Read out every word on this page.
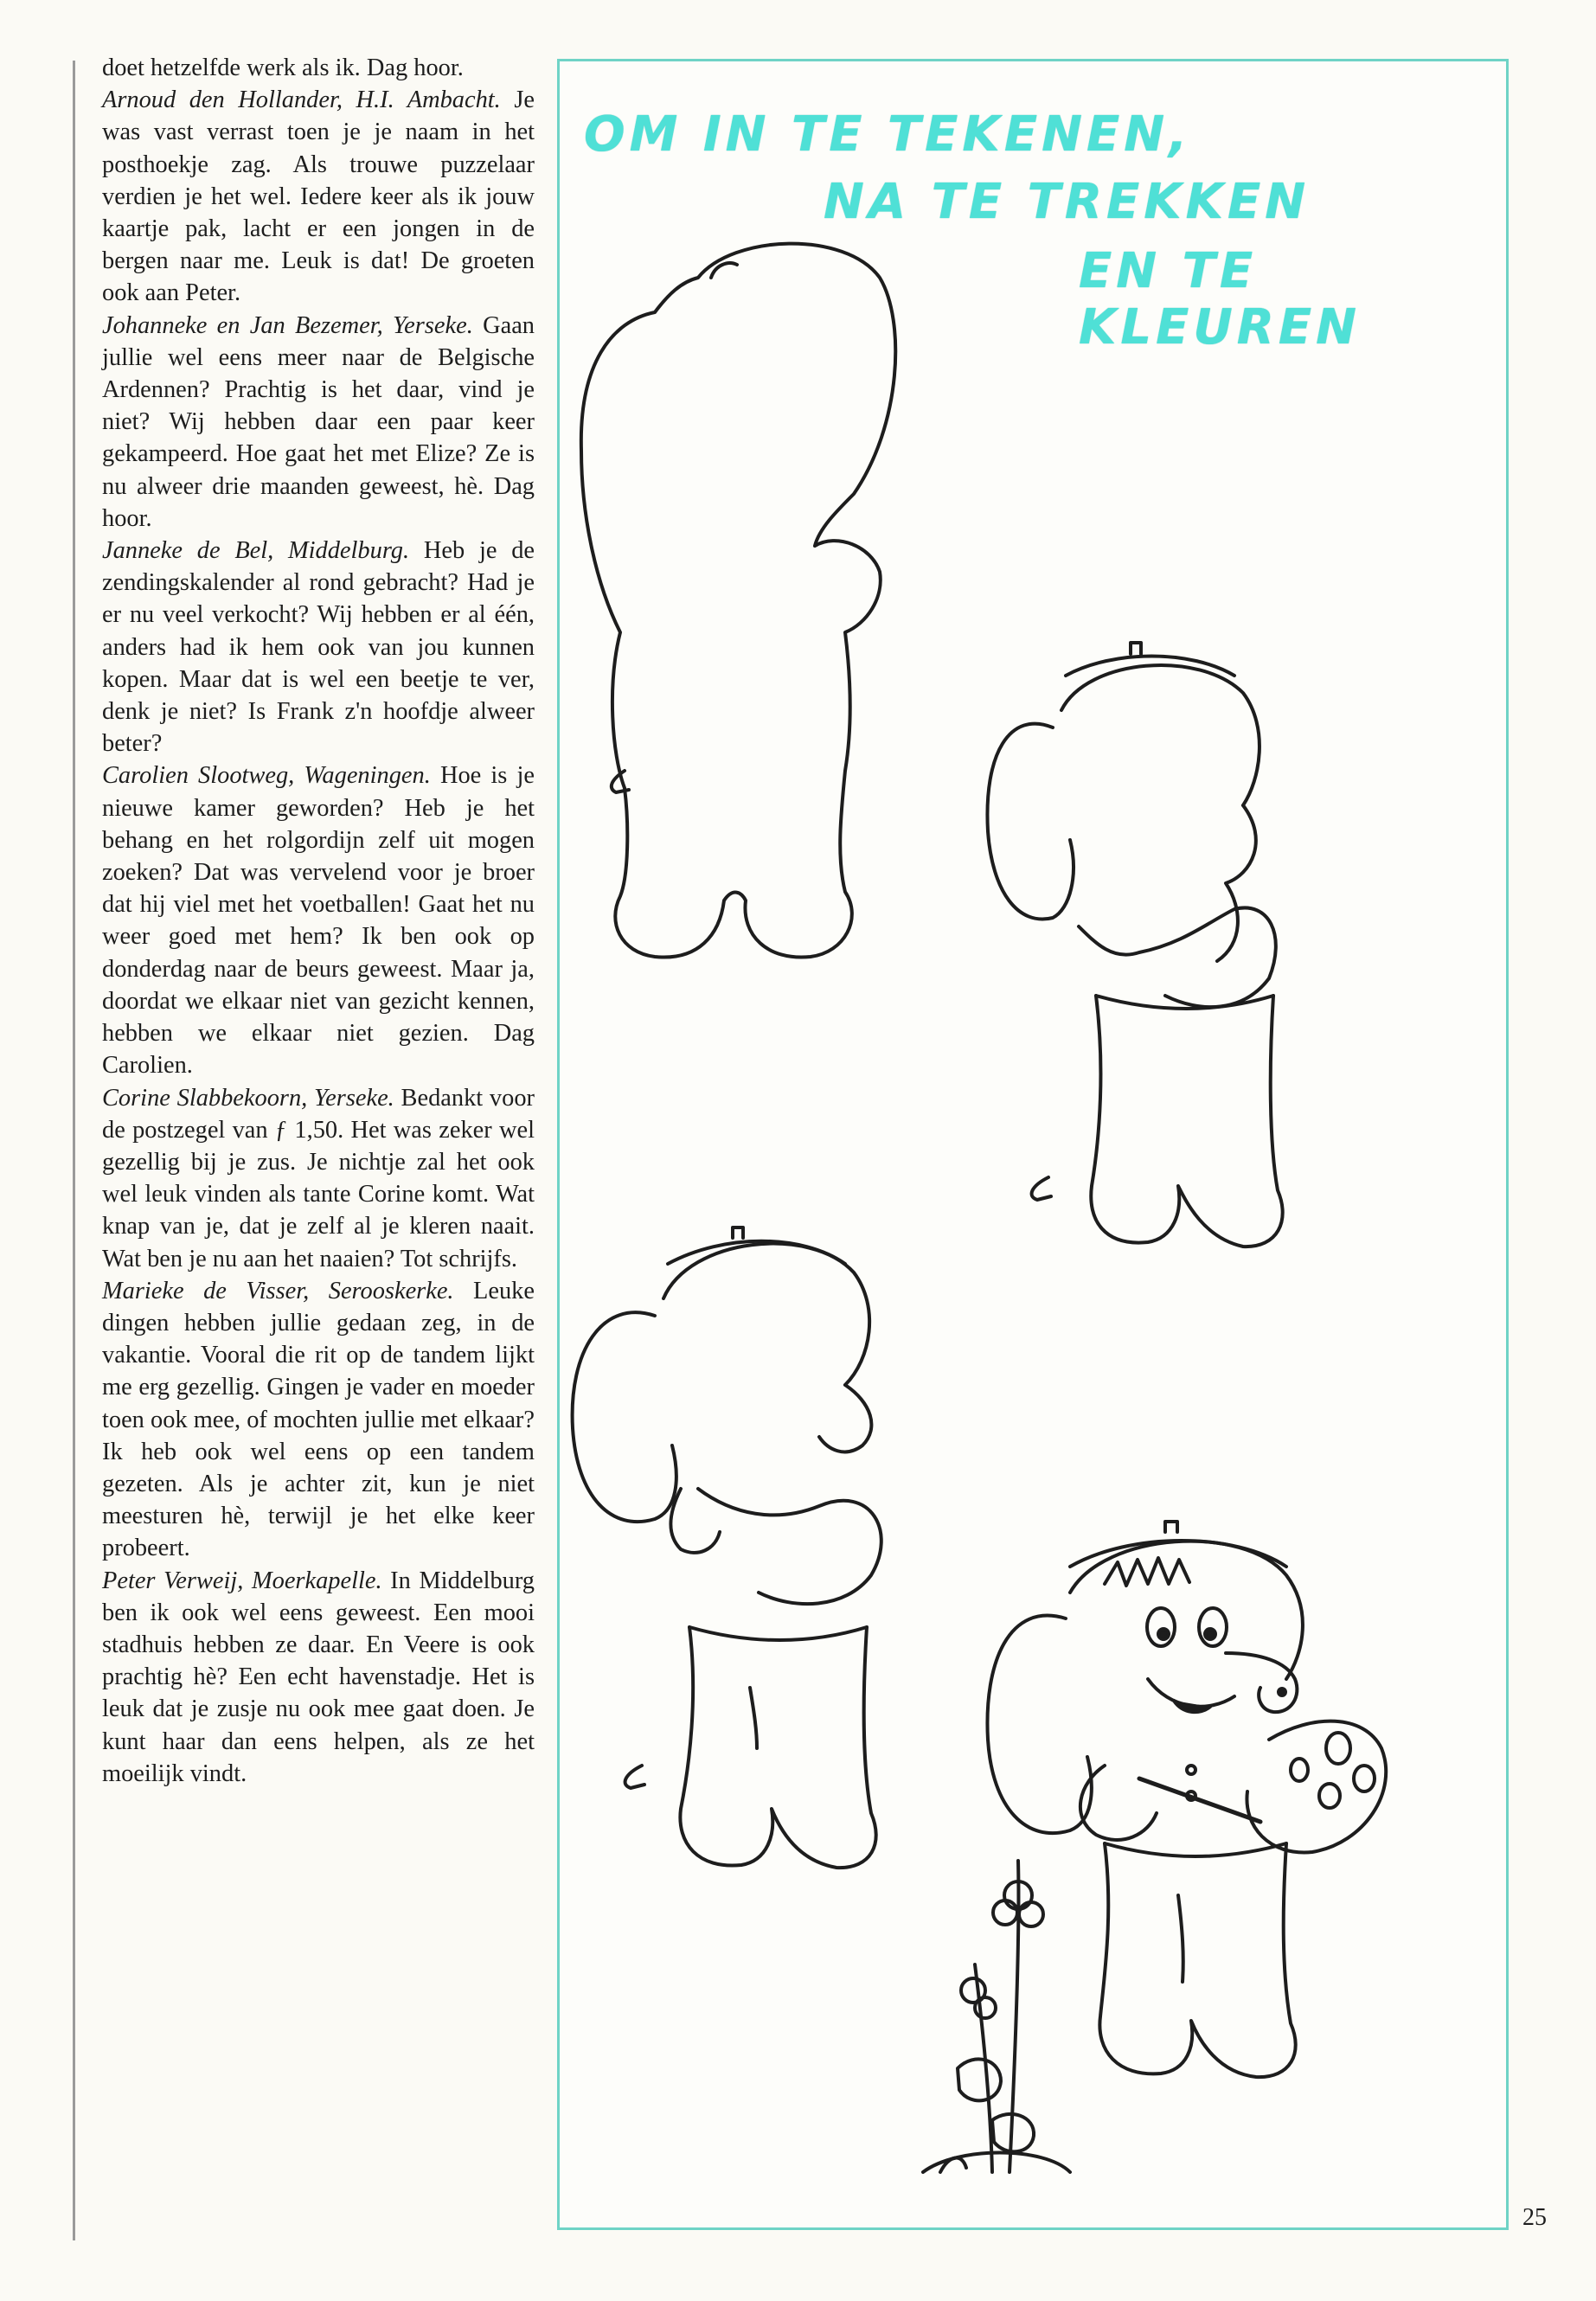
doet hetzelfde werk als ik. Dag hoor.

Arnoud den Hollander, H.I. Ambacht. Je was vast verrast toen je je naam in het posthoekje zag. Als trouwe puzzelaar verdien je het wel. Iedere keer als ik jouw kaartje pak, lacht er een jongen in de bergen naar me. Leuk is dat! De groeten ook aan Peter.

Johanneke en Jan Bezemer, Yerseke. Gaan jullie wel eens meer naar de Belgische Ardennen? Prachtig is het daar, vind je niet? Wij hebben daar een paar keer gekampeerd. Hoe gaat het met Elize? Ze is nu alweer drie maanden geweest, hè. Dag hoor.

Janneke de Bel, Middelburg. Heb je de zendingskalender al rond gebracht? Had je er nu veel verkocht? Wij hebben er al één, anders had ik hem ook van jou kunnen kopen. Maar dat is wel een beetje te ver, denk je niet? Is Frank z'n hoofdje alweer beter?

Carolien Slootweg, Wageningen. Hoe is je nieuwe kamer geworden? Heb je het behang en het rolgordijn zelf uit mogen zoeken? Dat was vervelend voor je broer dat hij viel met het voetballen! Gaat het nu weer goed met hem? Ik ben ook op donderdag naar de beurs geweest. Maar ja, doordat we elkaar niet van gezicht kennen, hebben we elkaar niet gezien. Dag Carolien.

Corine Slabbekoorn, Yerseke. Bedankt voor de postzegel van ƒ 1,50. Het was zeker wel gezellig bij je zus. Je nichtje zal het ook wel leuk vinden als tante Corine komt. Wat knap van je, dat je zelf al je kleren naait. Wat ben je nu aan het naaien? Tot schrijfs.

Marieke de Visser, Serooskerke. Leuke dingen hebben jullie gedaan zeg, in de vakantie. Vooral die rit op de tandem lijkt me erg gezellig. Gingen je vader en moeder toen ook mee, of mochten jullie met elkaar? Ik heb ook wel eens op een tandem gezeten. Als je achter zit, kun je niet meesturen hè, terwijl je het elke keer probeert.

Peter Verweij, Moerkapelle. In Middelburg ben ik ook wel eens geweest. Een mooi stadhuis hebben ze daar. En Veere is ook prachtig hè? Een echt havenstadje. Het is leuk dat je zusje nu ook mee gaat doen. Je kunt haar dan eens helpen, als ze het moeilijk vindt.

OM IN TE TEKENEN,

NA TE TREKKEN

EN TE KLEUREN

25
